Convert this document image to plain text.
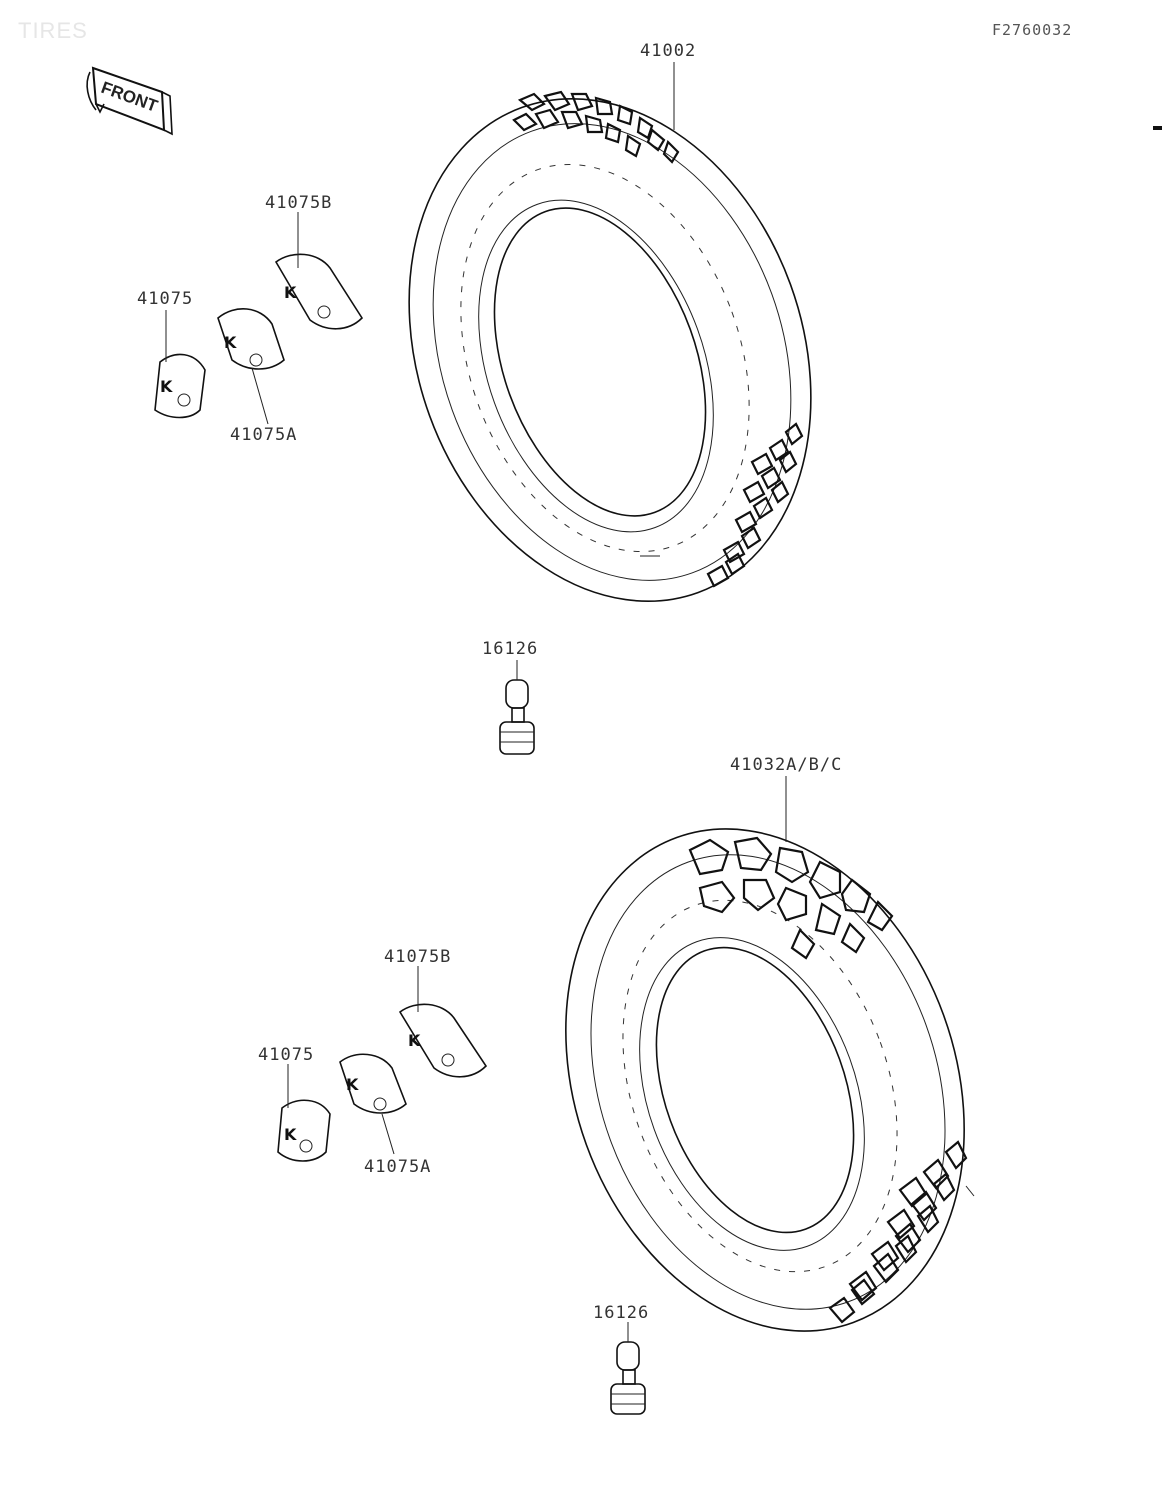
TIRES	F2760032
FRONT
41002
16126
K
K
K
41075
41075A
41075B
41032A/B/C
16126
K
K
K
41075
41075A
41075B
